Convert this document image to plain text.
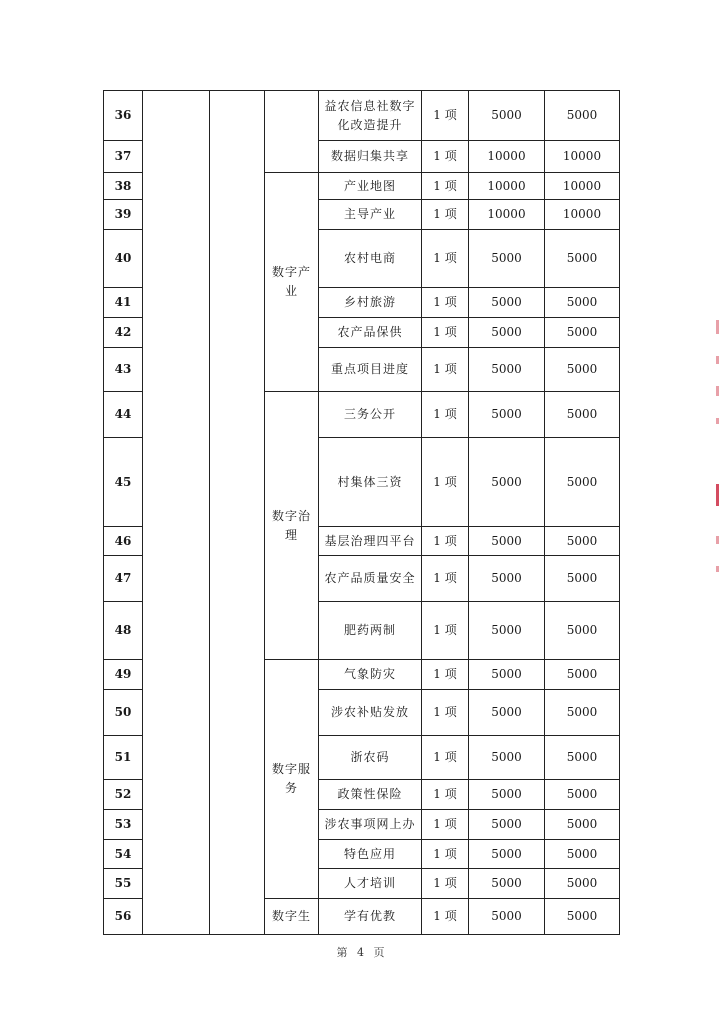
36				益农信息社数字化改造提升	1 项	5000	5000
37				数据归集共享	1 项	10000	10000
38			数字产业	产业地图	1 项	10000	10000
39				主导产业	1 项	10000	10000
40				农村电商	1 项	5000	5000
41				乡村旅游	1 项	5000	5000
42				农产品保供	1 项	5000	5000
43				重点项目进度	1 项	5000	5000
44			数字治理	三务公开	1 项	5000	5000
45				村集体三资	1 项	5000	5000
46				基层治理四平台	1 项	5000	5000
47				农产品质量安全	1 项	5000	5000
48				肥药两制	1 项	5000	5000
49			数字服务	气象防灾	1 项	5000	5000
50				涉农补贴发放	1 项	5000	5000
51				浙农码	1 项	5000	5000
52				政策性保险	1 项	5000	5000
53				涉农事项网上办	1 项	5000	5000
54				特色应用	1 项	5000	5000
55				人才培训	1 项	5000	5000
56			数字生	学有优教	1 项	5000	5000
第 4 页
